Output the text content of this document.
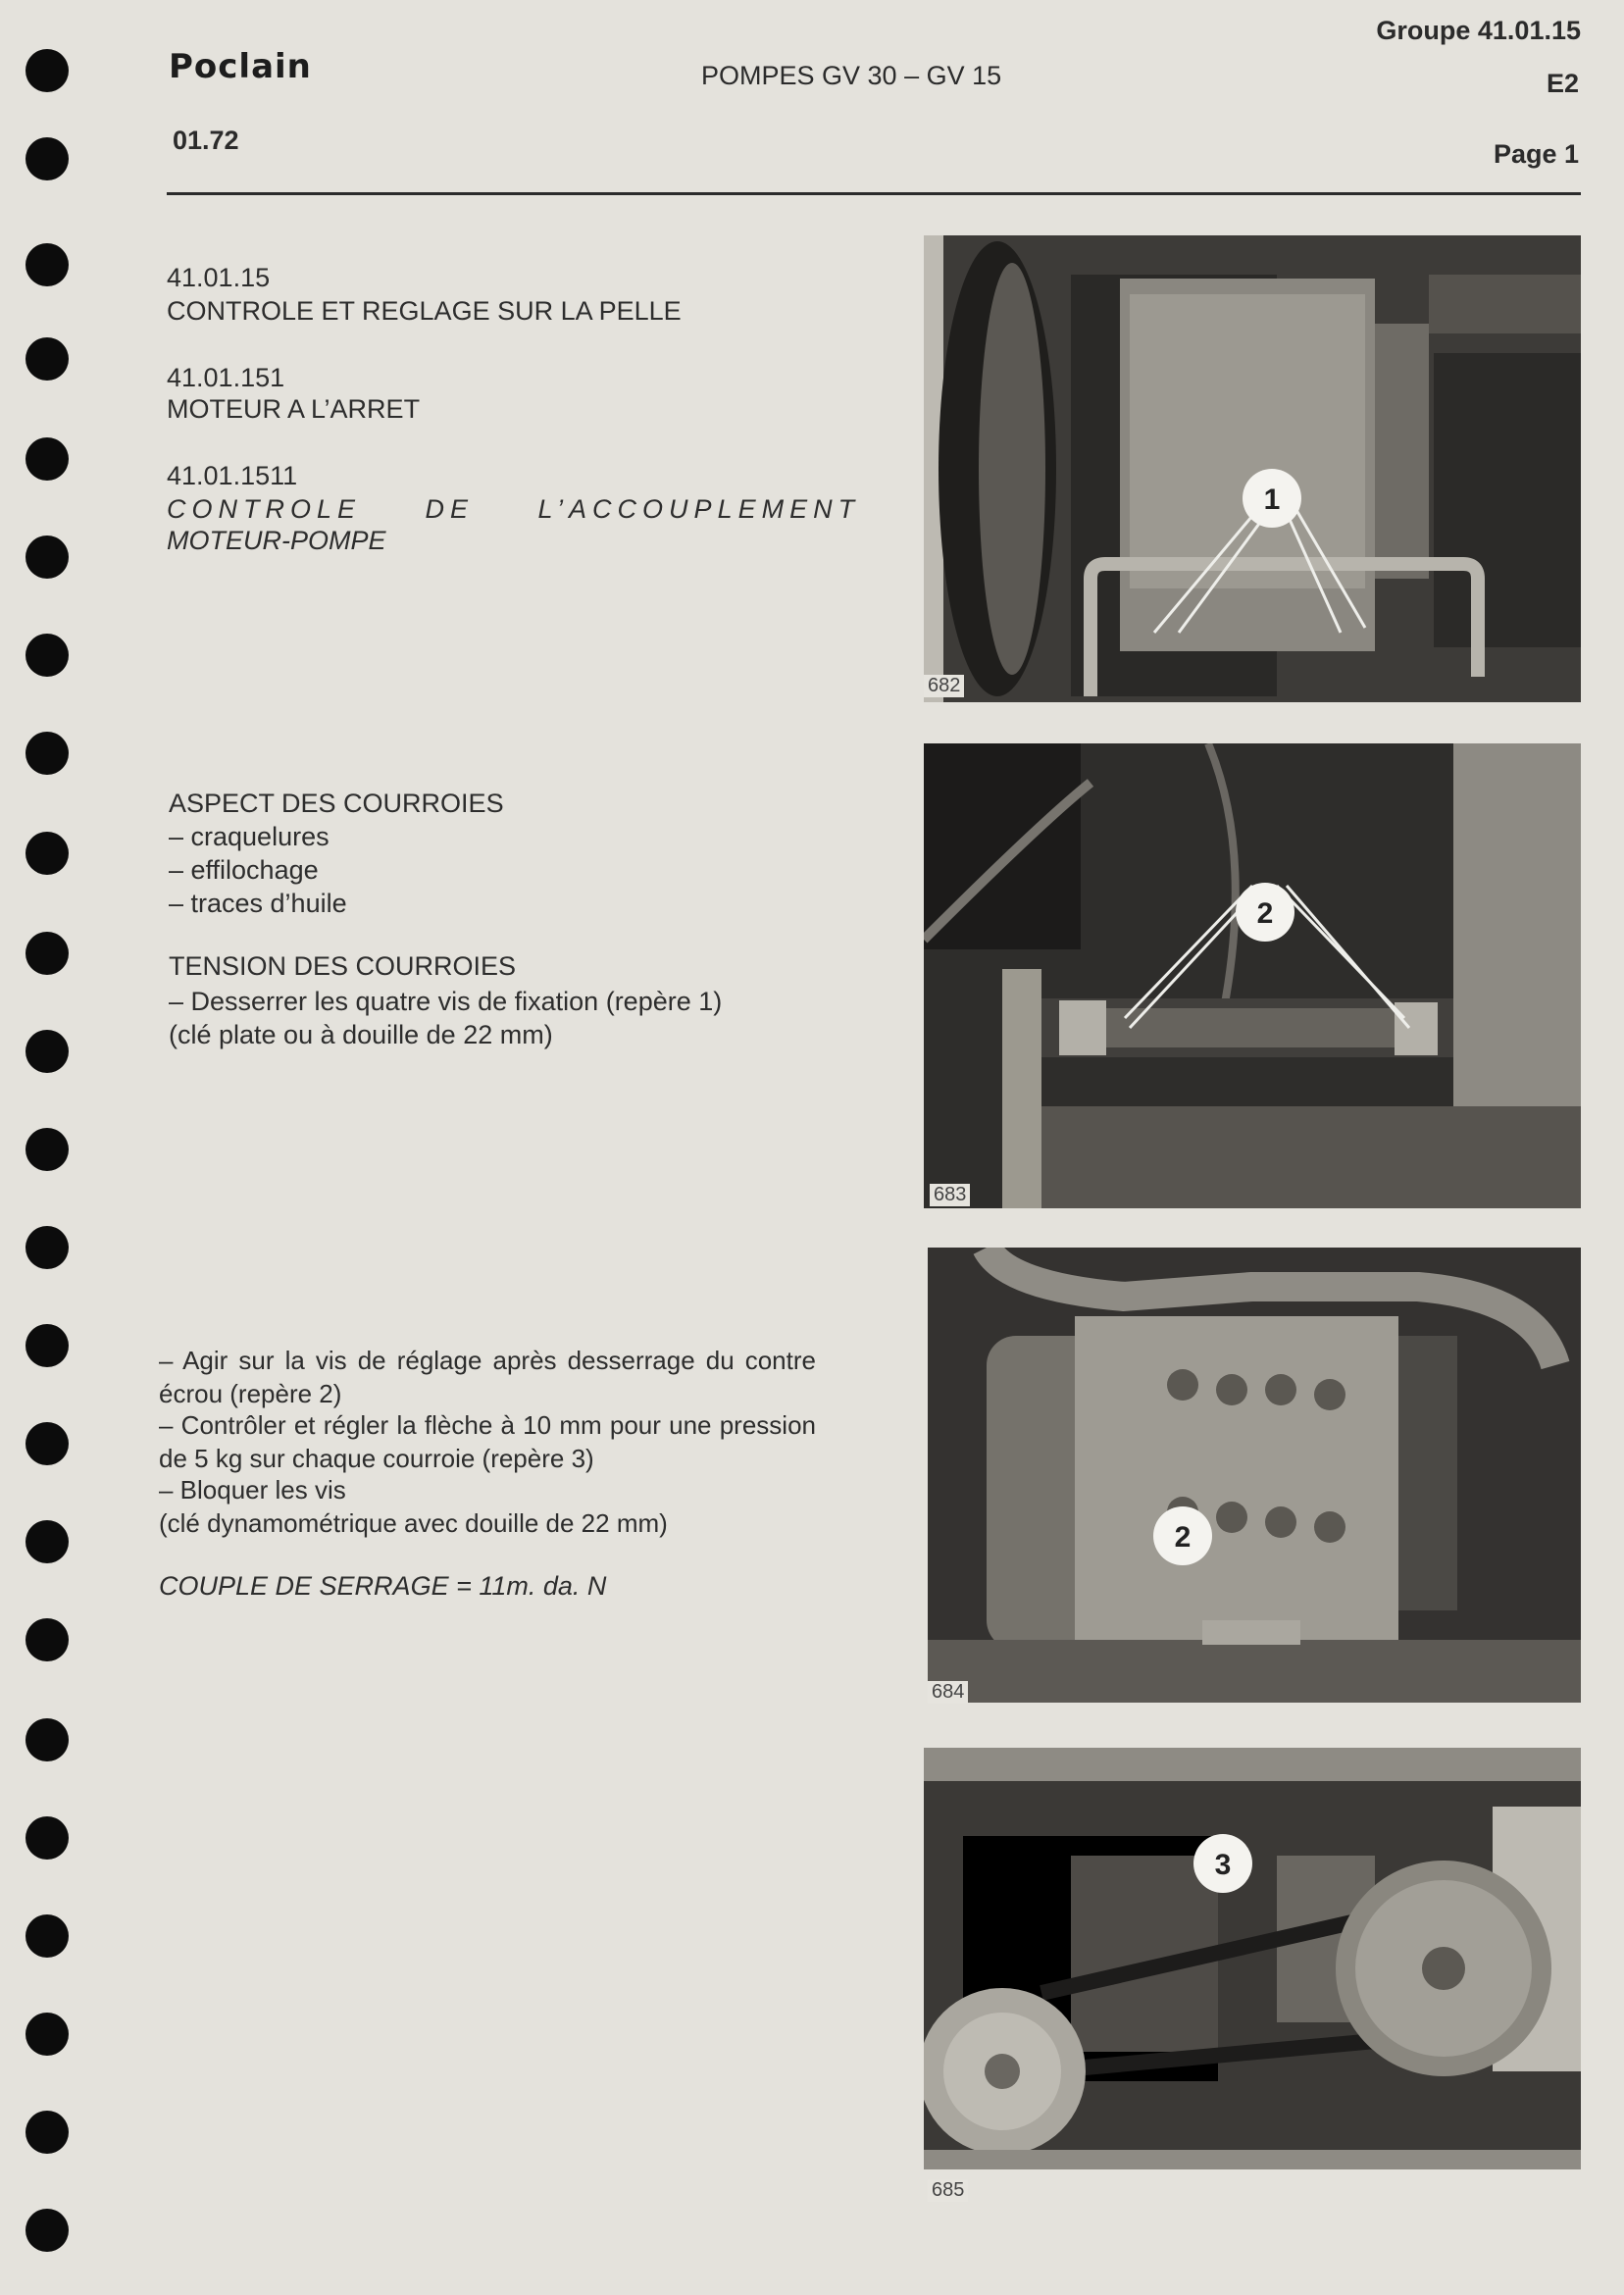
Poclain
01.72
POMPES GV 30 – GV 15
Groupe 41.01.15
E2
Page 1
41.01.15
CONTROLE ET REGLAGE SUR LA PELLE
41.01.151
MOTEUR A L’ARRET
41.01.1511
CONTROLE DE L’ACCOUPLEMENT
MOTEUR-POMPE
ASPECT DES COURROIES
– craquelures
– effilochage
– traces d’huile
TENSION DES COURROIES
– Desserrer les quatre vis de fixation (repère 1)
(clé plate ou à douille de 22 mm)
– Agir sur la vis de réglage après desserrage du contre écrou (repère 2)
– Contrôler et régler la flèche à 10 mm pour une pression de 5 kg sur chaque courroie (repère 3)
– Bloquer les vis
(clé dynamométrique avec douille de 22 mm)
COUPLE DE SERRAGE = 11m. da. N
1
682
2
683
2
684
3
685
